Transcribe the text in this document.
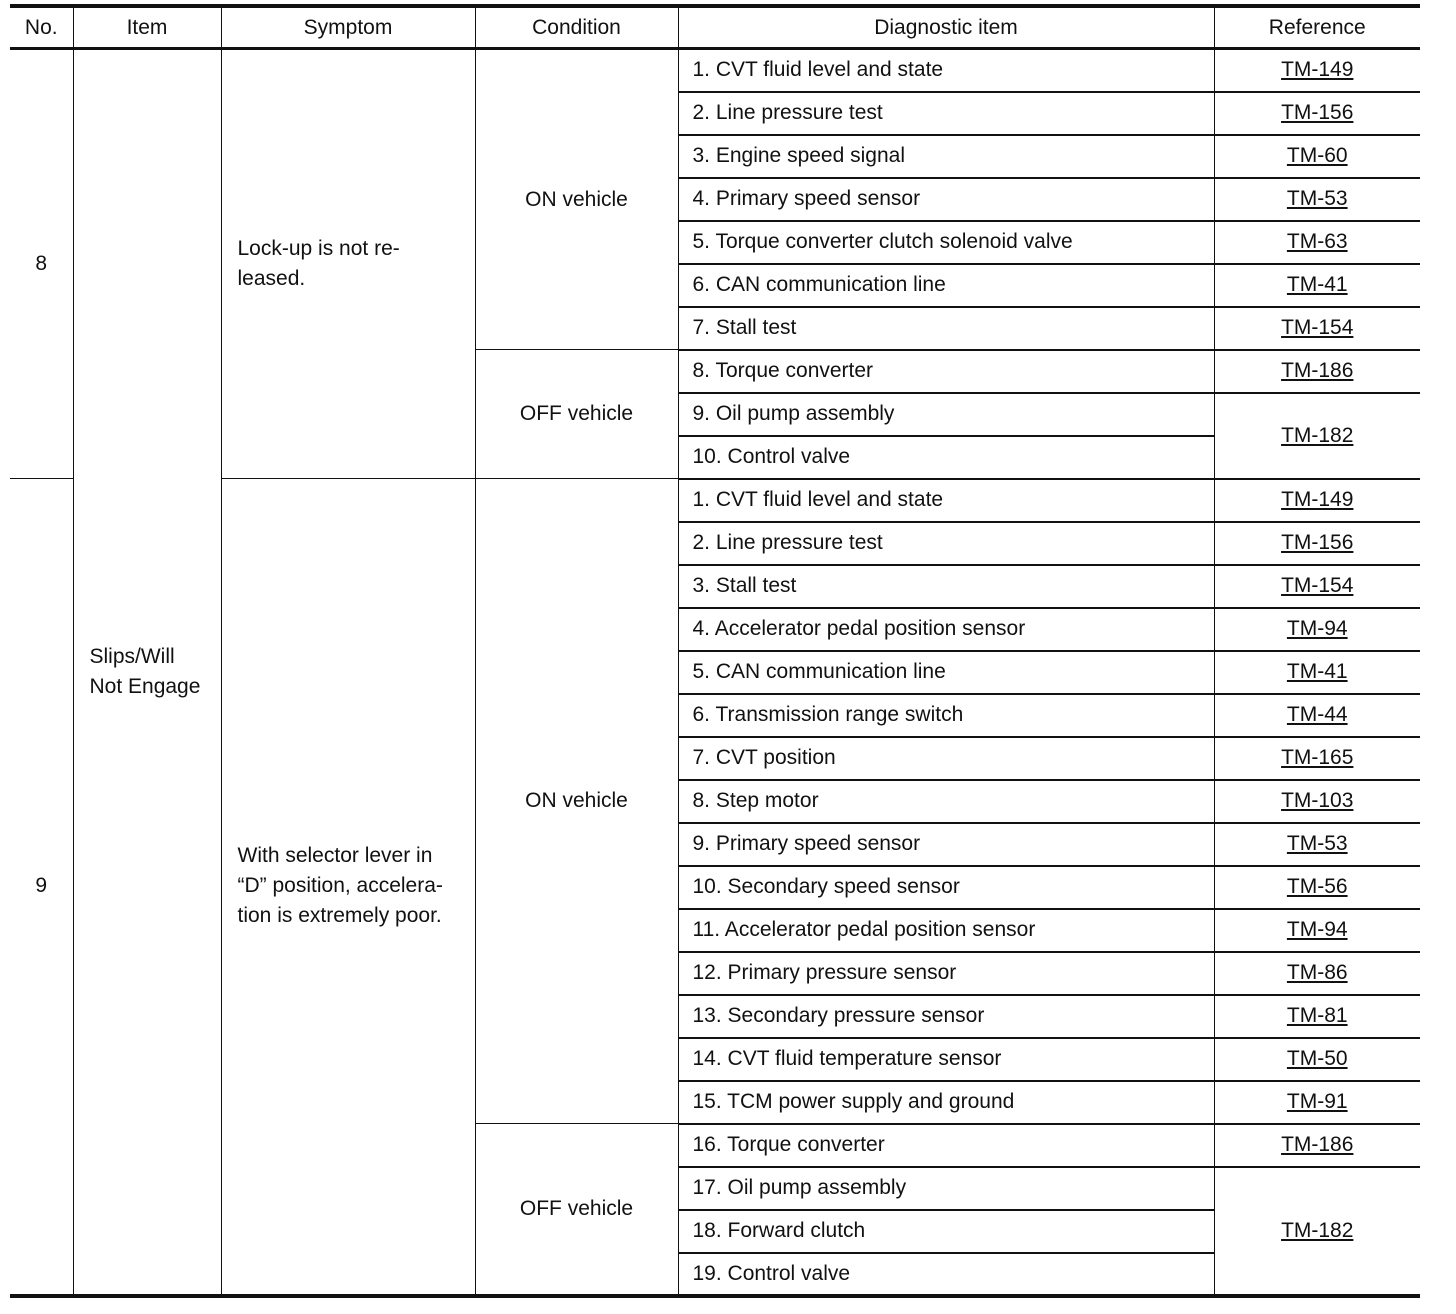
No.	Item	Symptom	Condition	Diagnostic item	Reference
8	Slips/Will Not Engage	Lock-up is not re-leased.	ON vehicle	1. CVT fluid level and state	TM-149
				2. Line pressure test	TM-156
				3. Engine speed signal	TM-60
				4. Primary speed sensor	TM-53
				5. Torque converter clutch solenoid valve	TM-63
				6. CAN communication line	TM-41
				7. Stall test	TM-154
			OFF vehicle	8. Torque converter	TM-186
				9. Oil pump assembly	TM-182
				10. Control valve	
9		With selector lever in “D” position, accelera-tion is extremely poor.	ON vehicle	1. CVT fluid level and state	TM-149
				2. Line pressure test	TM-156
				3. Stall test	TM-154
				4. Accelerator pedal position sensor	TM-94
				5. CAN communication line	TM-41
				6. Transmission range switch	TM-44
				7. CVT position	TM-165
				8. Step motor	TM-103
				9. Primary speed sensor	TM-53
				10. Secondary speed sensor	TM-56
				11. Accelerator pedal position sensor	TM-94
				12. Primary pressure sensor	TM-86
				13. Secondary pressure sensor	TM-81
				14. CVT fluid temperature sensor	TM-50
				15. TCM power supply and ground	TM-91
			OFF vehicle	16. Torque converter	TM-186
				17. Oil pump assembly	TM-182
				18. Forward clutch	
				19. Control valve	
